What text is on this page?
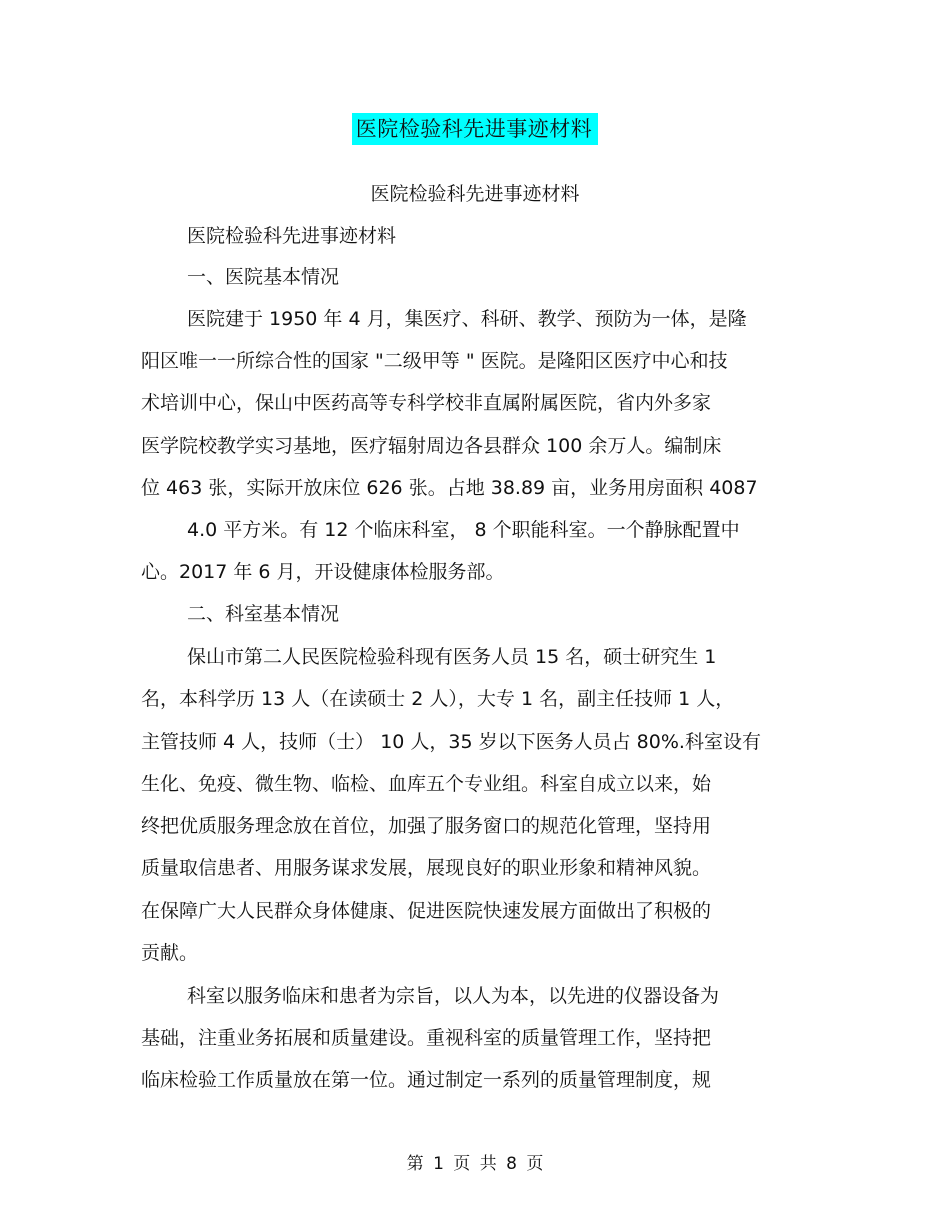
医院检验科先进事迹材料
医院检验科先进事迹材料
医院检验科先进事迹材料
一、医院基本情况
医院建于 1950 年 4 月，集医疗、科研、教学、预防为一体，是隆
阳区唯一一所综合性的国家 "二级甲等 " 医院。是隆阳区医疗中心和技
术培训中心，保山中医药高等专科学校非直属附属医院，省内外多家
医学院校教学实习基地，医疗辐射周边各县群众 100 余万人。编制床
位 463 张，实际开放床位 626 张。占地 38.89 亩，业务用房面积 4087
4.0 平方米。有 12 个临床科室， 8 个职能科室。一个静脉配置中
心。2017 年 6 月，开设健康体检服务部。
二、科室基本情况
保山市第二人民医院检验科现有医务人员 15 名，硕士研究生 1
名，本科学历 13 人（在读硕士 2 人），大专 1 名，副主任技师 1 人，
主管技师 4 人，技师（士） 10 人，35 岁以下医务人员占 80%.科室设有
生化、免疫、微生物、临检、血库五个专业组。科室自成立以来，始
终把优质服务理念放在首位，加强了服务窗口的规范化管理，坚持用
质量取信患者、用服务谋求发展，展现良好的职业形象和精神风貌。
在保障广大人民群众身体健康、促进医院快速发展方面做出了积极的
贡献。
科室以服务临床和患者为宗旨，以人为本，以先进的仪器设备为
基础，注重业务拓展和质量建设。重视科室的质量管理工作，坚持把
临床检验工作质量放在第一位。通过制定一系列的质量管理制度，规
第 1 页 共 8 页
